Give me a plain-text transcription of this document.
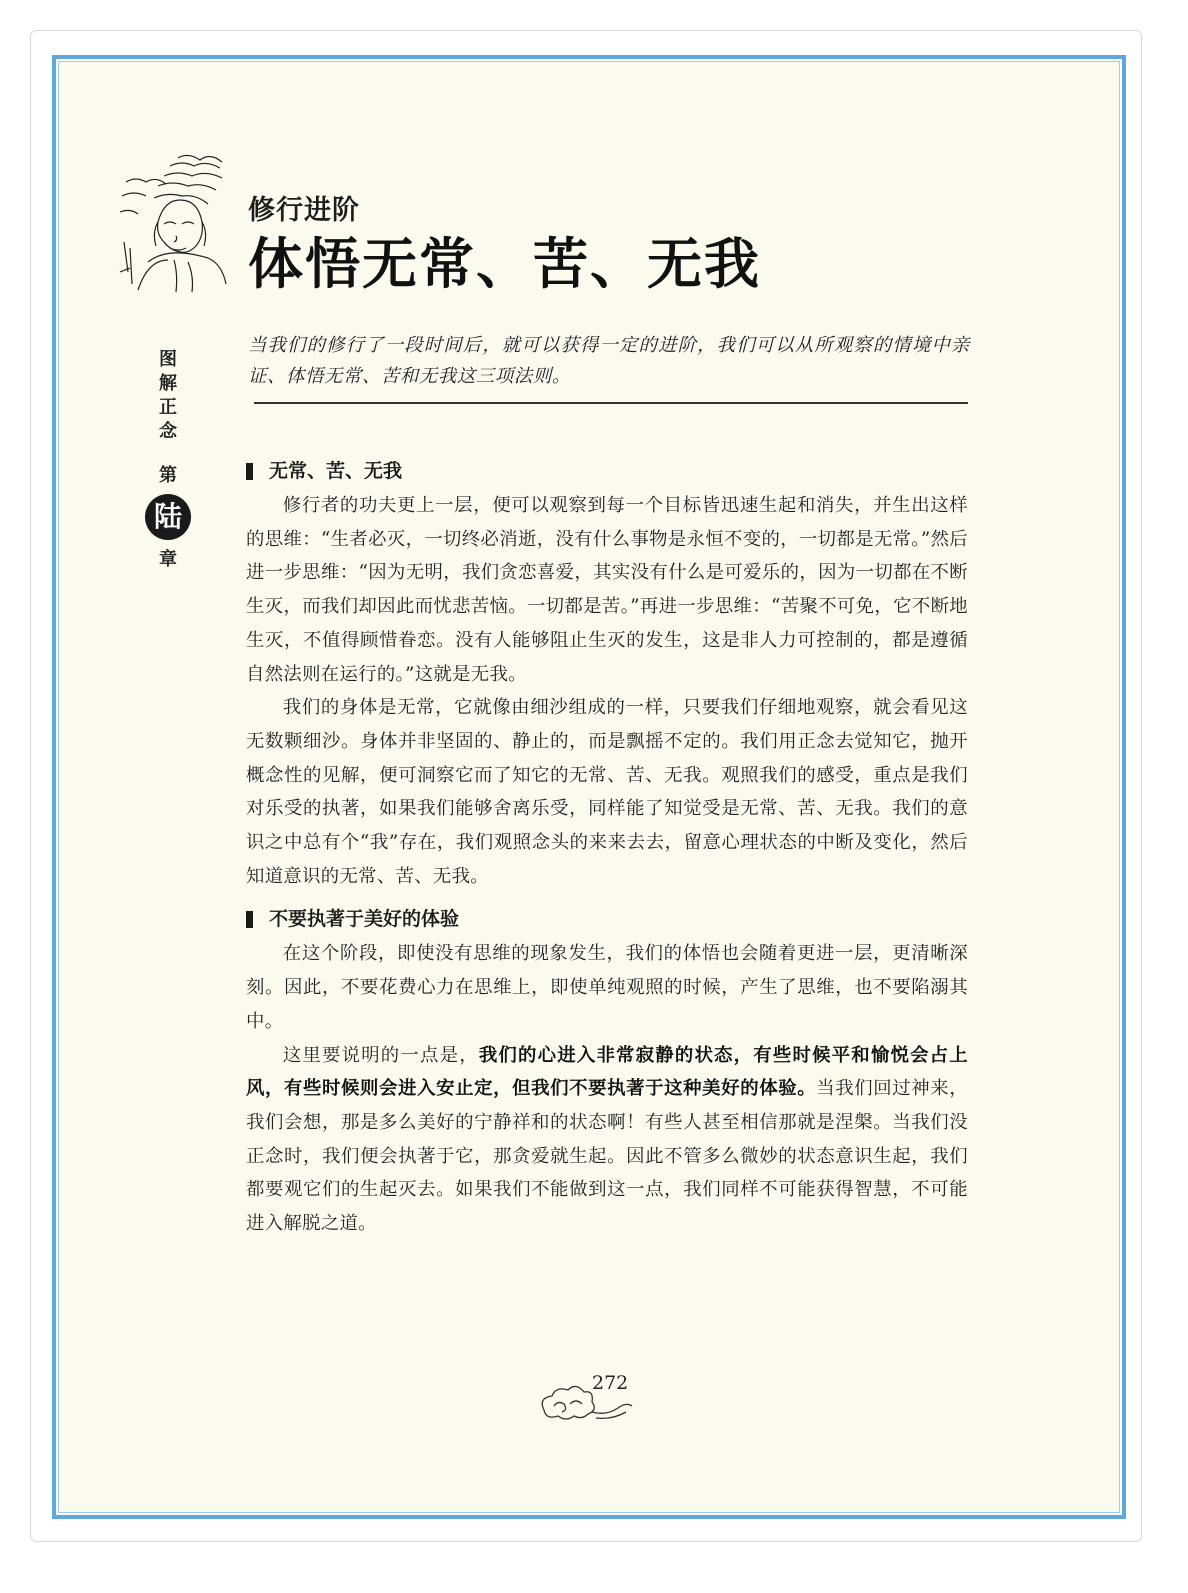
修行进阶
体悟无常、苦、无我
当我们的修行了一段时间后，就可以获得一定的进阶，我们可以从所观察的情境中亲证、体悟无常、苦和无我这三项法则。
图
解
正
念
第
陆
章
无常、苦、无我

修行者的功夫更上一层，便可以观察到每一个目标皆迅速生起和消失，并生出这样的思维：“生者必灭，一切终必消逝，没有什么事物是永恒不变的，一切都是无常。”然后进一步思维：“因为无明，我们贪恋喜爱，其实没有什么是可爱乐的，因为一切都在不断生灭，而我们却因此而忧悲苦恼。一切都是苦。”再进一步思维：“苦聚不可免，它不断地生灭，不值得顾惜眷恋。没有人能够阻止生灭的发生，这是非人力可控制的，都是遵循自然法则在运行的。”这就是无我。

我们的身体是无常，它就像由细沙组成的一样，只要我们仔细地观察，就会看见这无数颗细沙。身体并非坚固的、静止的，而是飘摇不定的。我们用正念去觉知它，抛开概念性的见解，便可洞察它而了知它的无常、苦、无我。观照我们的感受，重点是我们对乐受的执著，如果我们能够舍离乐受，同样能了知觉受是无常、苦、无我。我们的意识之中总有个“我”存在，我们观照念头的来来去去，留意心理状态的中断及变化，然后知道意识的无常、苦、无我。

不要执著于美好的体验

在这个阶段，即使没有思维的现象发生，我们的体悟也会随着更进一层，更清晰深刻。因此，不要花费心力在思维上，即使单纯观照的时候，产生了思维，也不要陷溺其中。

这里要说明的一点是，我们的心进入非常寂静的状态，有些时候平和愉悦会占上风，有些时候则会进入安止定，但我们不要执著于这种美好的体验。当我们回过神来，我们会想，那是多么美好的宁静祥和的状态啊！有些人甚至相信那就是涅槃。当我们没正念时，我们便会执著于它，那贪爱就生起。因此不管多么微妙的状态意识生起，我们都要观它们的生起灭去。如果我们不能做到这一点，我们同样不可能获得智慧，不可能进入解脱之道。

272
